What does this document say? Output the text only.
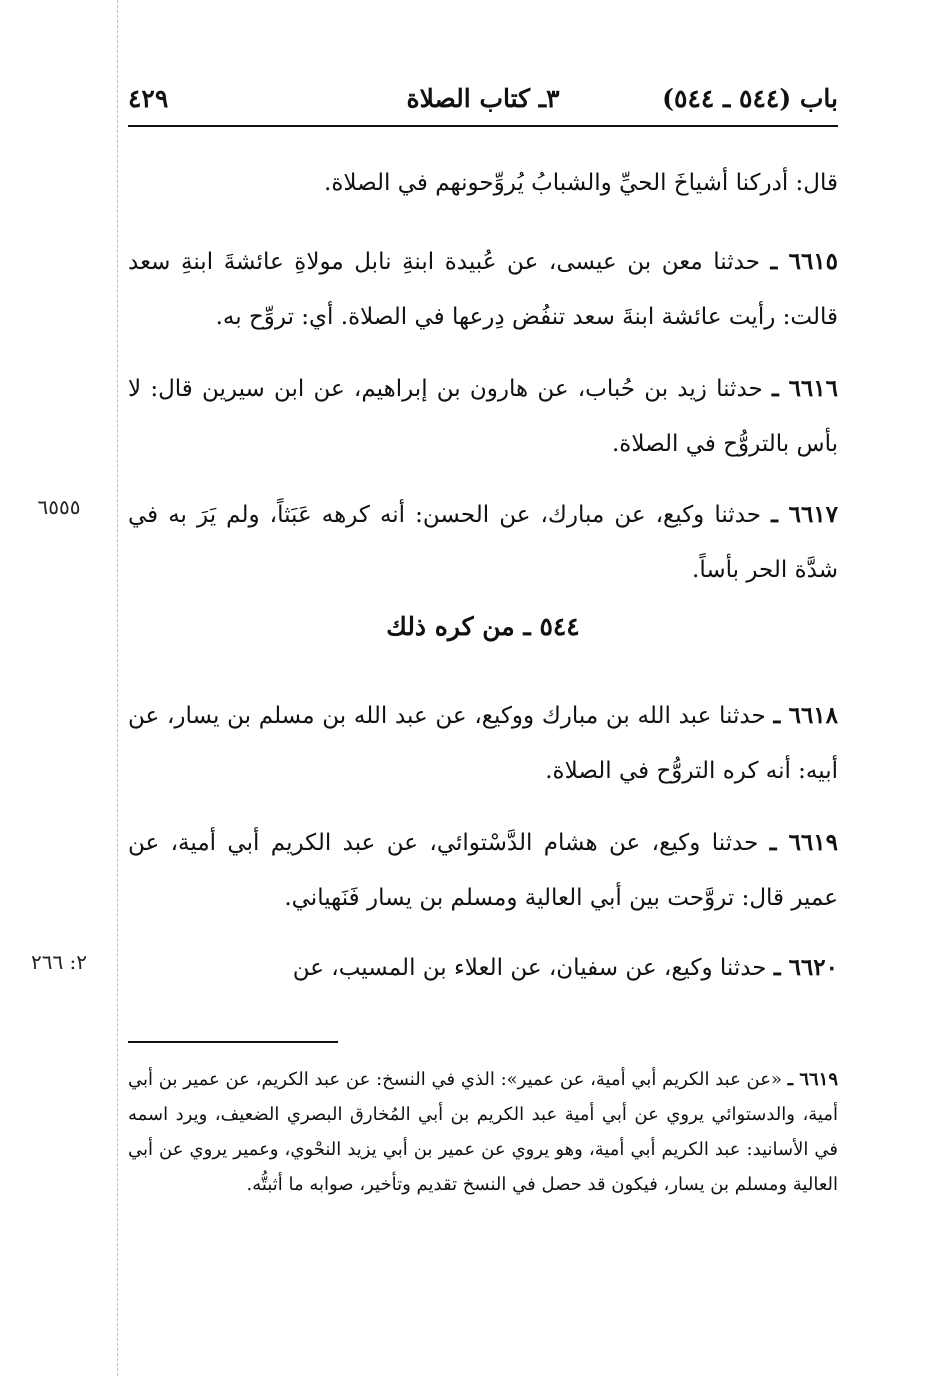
باب (٥٤٤ ـ ٥٤٤)
٣ـ كتاب الصلاة
٤٢٩
قال: أدركنا أشياخَ الحيِّ والشبابُ يُروِّحونهم في الصلاة.
٦٦١٥ ـ حدثنا معن بن عيسى، عن عُبيدة ابنةِ نابل مولاةِ عائشةَ ابنةِ سعد قالت: رأيت عائشة ابنةَ سعد تنفُض دِرعها في الصلاة. أي: تروِّح به.
٦٦١٦ ـ حدثنا زيد بن حُباب، عن هارون بن إبراهيم، عن ابن سيرين قال: لا بأس بالتروُّح في الصلاة.
٦٦١٧ ـ حدثنا وكيع، عن مبارك، عن الحسن: أنه كرهه عَبَثاً، ولم يَرَ به في شدَّة الحر بأساً.
٦٥٥٥
٥٤٤ ـ من كره ذلك
٦٦١٨ ـ حدثنا عبد الله بن مبارك ووكيع، عن عبد الله بن مسلم بن يسار، عن أبيه: أنه كره التروُّح في الصلاة.
٦٦١٩ ـ حدثنا وكيع، عن هشام الدَّسْتوائي، عن عبد الكريم أبي أمية، عن عمير قال: تروَّحت بين أبي العالية ومسلم بن يسار فَنَهياني.
٦٦٢٠ ـ حدثنا وكيع، عن سفيان، عن العلاء بن المسيب، عن
٢: ٢٦٦
٦٦١٩ ـ «عن عبد الكريم أبي أمية، عن عمير»: الذي في النسخ: عن عبد الكريم، عن عمير بن أبي أمية، والدستوائي يروي عن أبي أمية عبد الكريم بن أبي المُخارق البصري الضعيف، ويرد اسمه في الأسانيد: عبد الكريم أبي أمية، وهو يروي عن عمير بن أبي يزيد النحْوي، وعمير يروي عن أبي العالية ومسلم بن يسار، فيكون قد حصل في النسخ تقديم وتأخير، صوابه ما أثبتُّه.
